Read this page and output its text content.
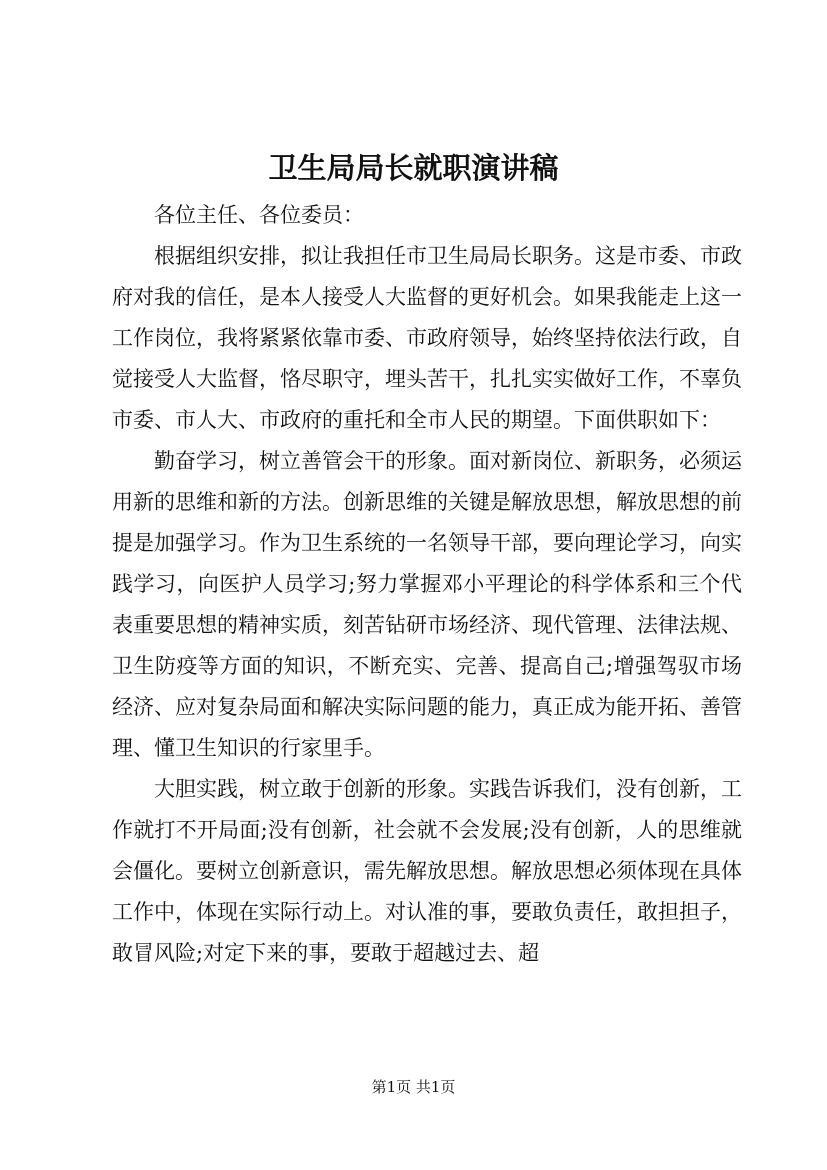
卫生局局长就职演讲稿

各位主任、各位委员：

根据组织安排，拟让我担任市卫生局局长职务。这是市委、市政府对我的信任，是本人接受人大监督的更好机会。如果我能走上这一工作岗位，我将紧紧依靠市委、市政府领导，始终坚持依法行政，自觉接受人大监督，恪尽职守，埋头苦干，扎扎实实做好工作，不辜负市委、市人大、市政府的重托和全市人民的期望。下面供职如下：

勤奋学习，树立善管会干的形象。面对新岗位、新职务，必须运用新的思维和新的方法。创新思维的关键是解放思想，解放思想的前提是加强学习。作为卫生系统的一名领导干部，要向理论学习，向实践学习，向医护人员学习;努力掌握邓小平理论的科学体系和三个代表重要思想的精神实质，刻苦钻研市场经济、现代管理、法律法规、卫生防疫等方面的知识，不断充实、完善、提高自己;增强驾驭市场经济、应对复杂局面和解决实际问题的能力，真正成为能开拓、善管理、懂卫生知识的行家里手。

大胆实践，树立敢于创新的形象。实践告诉我们，没有创新，工作就打不开局面;没有创新，社会就不会发展;没有创新，人的思维就会僵化。要树立创新意识，需先解放思想。解放思想必须体现在具体工作中，体现在实际行动上。对认准的事，要敢负责任，敢担担子，敢冒风险;对定下来的事，要敢于超越过去、超

第1页 共1页
